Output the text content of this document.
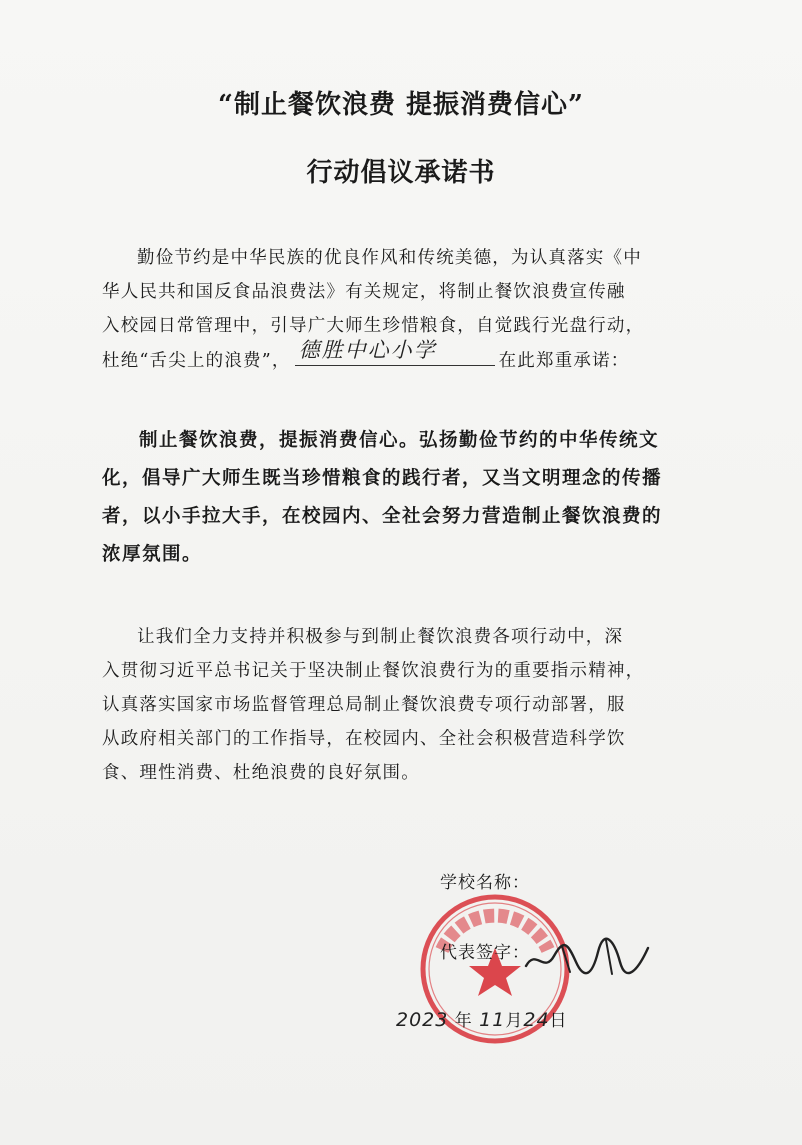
“制止餐饮浪费 提振消费信心”
行动倡议承诺书

勤俭节约是中华民族的优良作风和传统美德，为认真落实《中

华人民共和国反食品浪费法》有关规定，将制止餐饮浪费宣传融

入校园日常管理中，引导广大师生珍惜粮食，自觉践行光盘行动，

杜绝“舌尖上的浪费”， 德胜中心小学	在此郑重承诺：

制止餐饮浪费，提振消费信心。弘扬勤俭节约的中华传统文

化，倡导广大师生既当珍惜粮食的践行者，又当文明理念的传播

者，以小手拉大手，在校园内、全社会努力营造制止餐饮浪费的

浓厚氛围。

让我们全力支持并积极参与到制止餐饮浪费各项行动中，深

入贯彻习近平总书记关于坚决制止餐饮浪费行为的重要指示精神，

认真落实国家市场监督管理总局制止餐饮浪费专项行动部署，服

从政府相关部门的工作指导，在校园内、全社会积极营造科学饮

食、理性消费、杜绝浪费的良好氛围。

学校名称：
代表签字：
2023 年 11月24日
